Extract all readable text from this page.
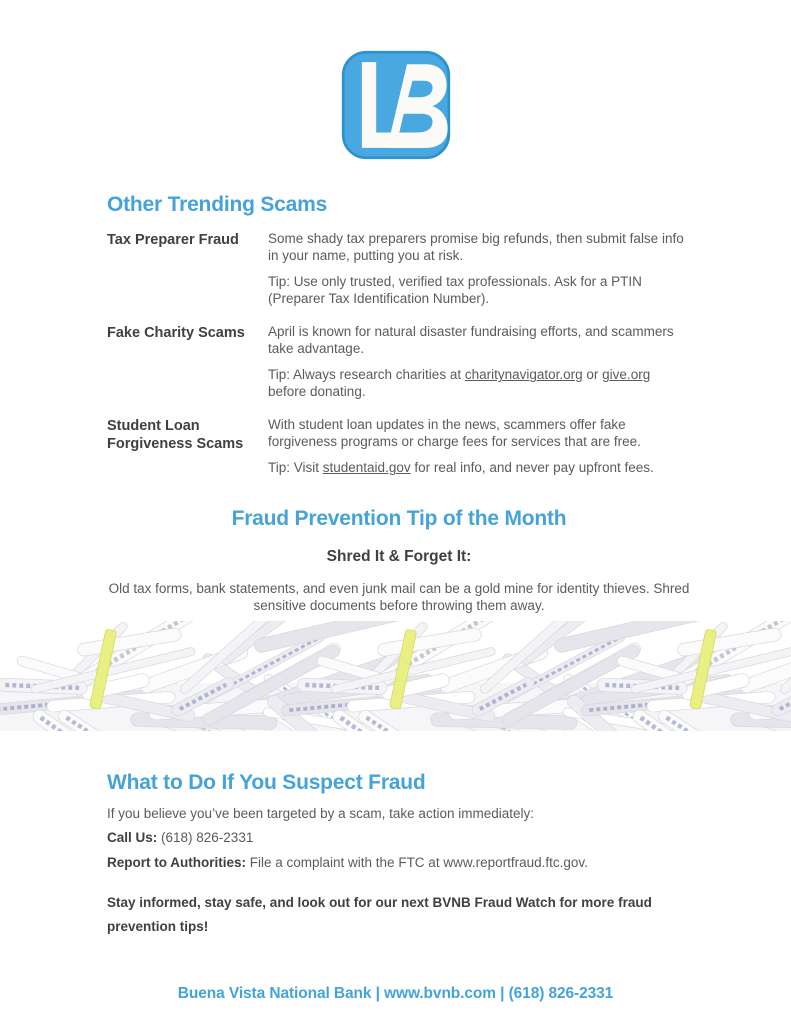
Other Trending Scams
Tax Preparer Fraud	Some shady tax preparers promise big refunds, then submit false info in your name, putting you at risk.

Tip: Use only trusted, verified tax professionals. Ask for a PTIN (Preparer Tax Identification Number).

Fake Charity Scams	April is known for natural disaster fundraising efforts, and scammers take advantage.

Tip: Always research charities at charitynavigator.org or give.org before donating.

Student Loan Forgiveness Scams

With student loan updates in the news, scammers offer fake forgiveness programs or charge fees for services that are free.

Tip: Visit studentaid.gov for real info, and never pay upfront fees.

Fraud Prevention Tip of the Month
Shred It & Forget It:

Old tax forms, bank statements, and even junk mail can be a gold mine for identity thieves. Shred sensitive documents before throwing them away.

What to Do If You Suspect Fraud

If you believe you’ve been targeted by a scam, take action immediately:

Call Us: (618) 826-2331

Report to Authorities: File a complaint with the FTC at www.reportfraud.ftc.gov.

Stay informed, stay safe, and look out for our next BVNB Fraud Watch for more fraud prevention tips!

Buena Vista National Bank | www.bvnb.com | (618) 826-2331
